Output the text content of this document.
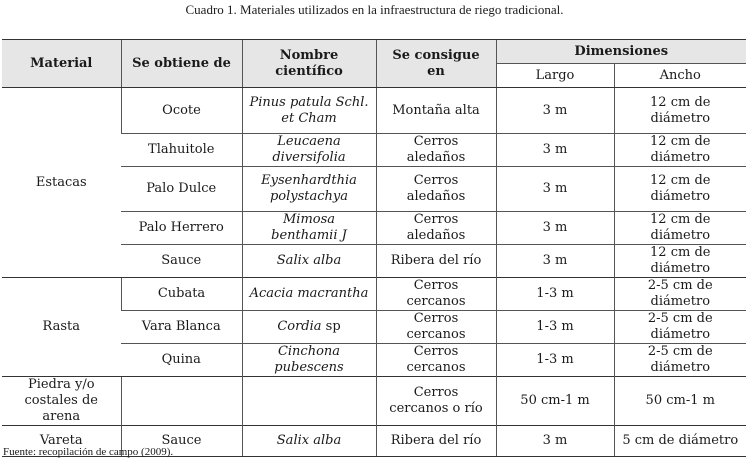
Cuadro 1. Materiales utilizados en la infraestructura de riego tradicional.
Material	Se obtiene de	Nombre científico	Se consigue en	Dimensiones	
				Largo	Ancho
Estacas	Ocote	Pinus patula Schl. et Cham	Montaña alta	3 m	12 cm de diámetro
	Tlahuitole	Leucaena diversifolia	Cerros aledaños	3 m	12 cm de diámetro
	Palo Dulce	Eysenhardthia polystachya	Cerros aledaños	3 m	12 cm de diámetro
	Palo Herrero	Mimosa benthamii J	Cerros aledaños	3 m	12 cm de diámetro
	Sauce	Salix alba	Ribera del río	3 m	12 cm de diámetro
Rasta	Cubata	Acacia macrantha	Cerros cercanos	1-3 m	2-5 cm de diámetro
	Vara Blanca	Cordia sp	Cerros cercanos	1-3 m	2-5 cm de diámetro
	Quina	Cinchona pubescens	Cerros cercanos	1-3 m	2-5 cm de diámetro
Piedra y/o costales de arena			Cerros cercanos o río	50 cm-1 m	50 cm-1 m
Vareta	Sauce	Salix alba	Ribera del río	3 m	5 cm de diámetro
Fuente: recopilación de campo (2009).
